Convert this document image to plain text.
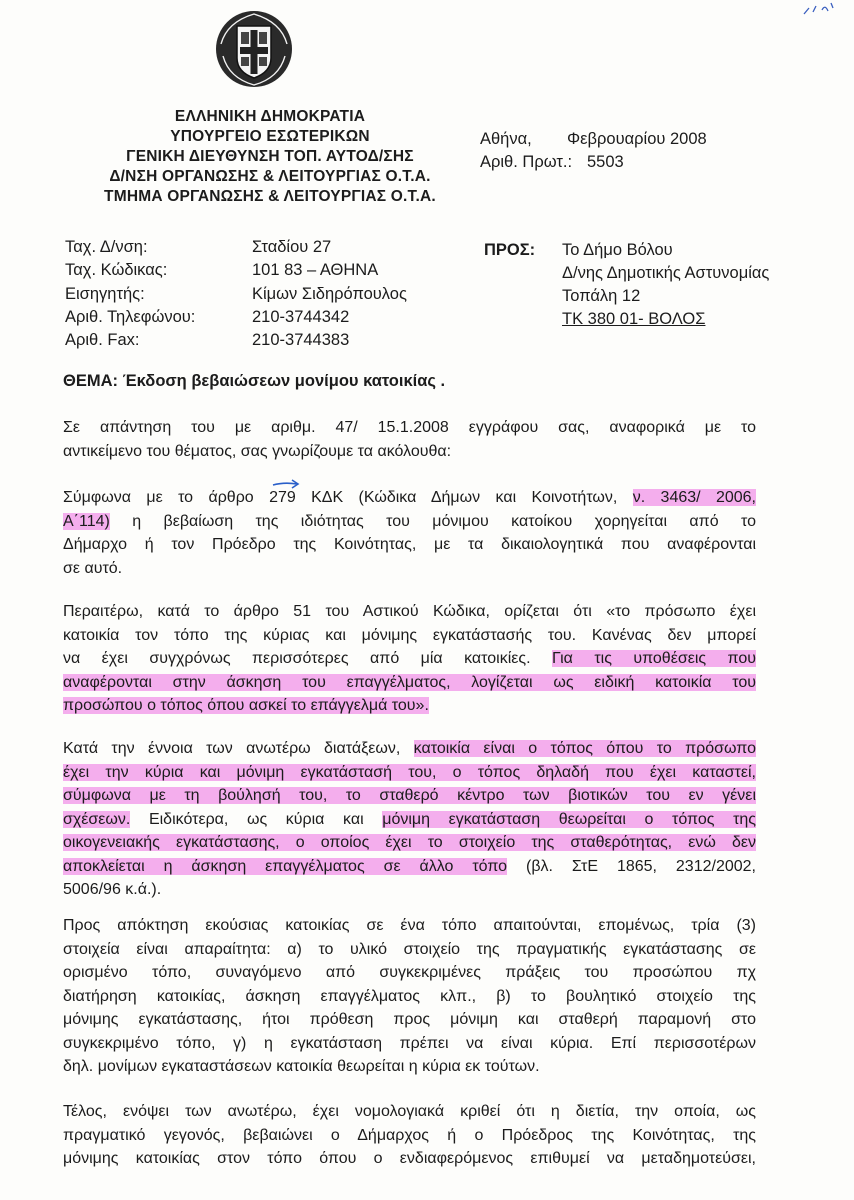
ΕΛΛΗΝΙΚΗ ΔΗΜΟΚΡΑΤΙΑ
ΥΠΟΥΡΓΕΙΟ ΕΣΩΤΕΡΙΚΩΝ
ΓΕΝΙΚΗ ΔΙΕΥΘΥΝΣΗ ΤΟΠ. ΑΥΤΟΔ/ΣΗΣ
Δ/ΝΣΗ ΟΡΓΑΝΩΣΗΣ & ΛΕΙΤΟΥΡΓΙΑΣ Ο.Τ.Α.
ΤΜΗΜΑ ΟΡΓΑΝΩΣΗΣ & ΛΕΙΤΟΥΡΓΙΑΣ Ο.Τ.Α.
Αθήνα, Φεβρουαρίου 2008
Αριθ. Πρωτ.: 5503
Ταχ. Δ/νση:	Σταδίου 27
Ταχ. Κώδικας:	101 83 – ΑΘΗΝΑ
Εισηγητής:	Κίμων Σιδηρόπουλος
Αριθ. Τηλεφώνου:	210-3744342
Αριθ. Fax:	210-3744383
ΠΡΟΣ: Το Δήμο Βόλου
Δ/νης Δημοτικής Αστυνομίας
Τοπάλη 12
ΤΚ 380 01- ΒΟΛΟΣ
ΘΕΜΑ: Έκδοση βεβαιώσεων μονίμου κατοικίας .

Σε απάντηση του με αριθμ. 47/ 15.1.2008 εγγράφου σας, αναφορικά με το

αντικείμενο του θέματος, σας γνωρίζουμε τα ακόλουθα:

Σύμφωνα με το άρθρο 279 ΚΔΚ (Κώδικα Δήμων και Κοινοτήτων, ν. 3463/ 2006,

Α΄114) η βεβαίωση της ιδιότητας του μόνιμου κατοίκου χορηγείται από το

Δήμαρχο ή τον Πρόεδρο της Κοινότητας, με τα δικαιολογητικά που αναφέρονται

σε αυτό.

Περαιτέρω, κατά το άρθρο 51 του Αστικού Κώδικα, ορίζεται ότι «το πρόσωπο έχει

κατοικία τον τόπο της κύριας και μόνιμης εγκατάστασής του. Κανένας δεν μπορεί

να έχει συγχρόνως περισσότερες από μία κατοικίες. Για τις υποθέσεις που

αναφέρονται στην άσκηση του επαγγέλματος, λογίζεται ως ειδική κατοικία του

προσώπου ο τόπος όπου ασκεί το επάγγελμά του».

Κατά την έννοια των ανωτέρω διατάξεων, κατοικία είναι ο τόπος όπου το πρόσωπο

έχει την κύρια και μόνιμη εγκατάστασή του, ο τόπος δηλαδή που έχει καταστεί,

σύμφωνα με τη βούλησή του, το σταθερό κέντρο των βιοτικών του εν γένει

σχέσεων. Ειδικότερα, ως κύρια και μόνιμη εγκατάσταση θεωρείται ο τόπος της

οικογενειακής εγκατάστασης, ο οποίος έχει το στοιχείο της σταθερότητας, ενώ δεν

αποκλείεται η άσκηση επαγγέλματος σε άλλο τόπο (βλ. ΣτΕ 1865, 2312/2002,

5006/96 κ.ά.).

Προς απόκτηση εκούσιας κατοικίας σε ένα τόπο απαιτούνται, επομένως, τρία (3)

στοιχεία είναι απαραίτητα: α) το υλικό στοιχείο της πραγματικής εγκατάστασης σε

ορισμένο τόπο, συναγόμενο από συγκεκριμένες πράξεις του προσώπου πχ

διατήρηση κατοικίας, άσκηση επαγγέλματος κλπ., β) το βουλητικό στοιχείο της

μόνιμης εγκατάστασης, ήτοι πρόθεση προς μόνιμη και σταθερή παραμονή στο

συγκεκριμένο τόπο, γ) η εγκατάσταση πρέπει να είναι κύρια. Επί περισσοτέρων

δηλ. μονίμων εγκαταστάσεων κατοικία θεωρείται η κύρια εκ τούτων.

Τέλος, ενόψει των ανωτέρω, έχει νομολογιακά κριθεί ότι η διετία, την οποία, ως

πραγματικό γεγονός, βεβαιώνει ο Δήμαρχος ή ο Πρόεδρος της Κοινότητας, της

μόνιμης κατοικίας στον τόπο όπου ο ενδιαφερόμενος επιθυμεί να μεταδημοτεύσει,
